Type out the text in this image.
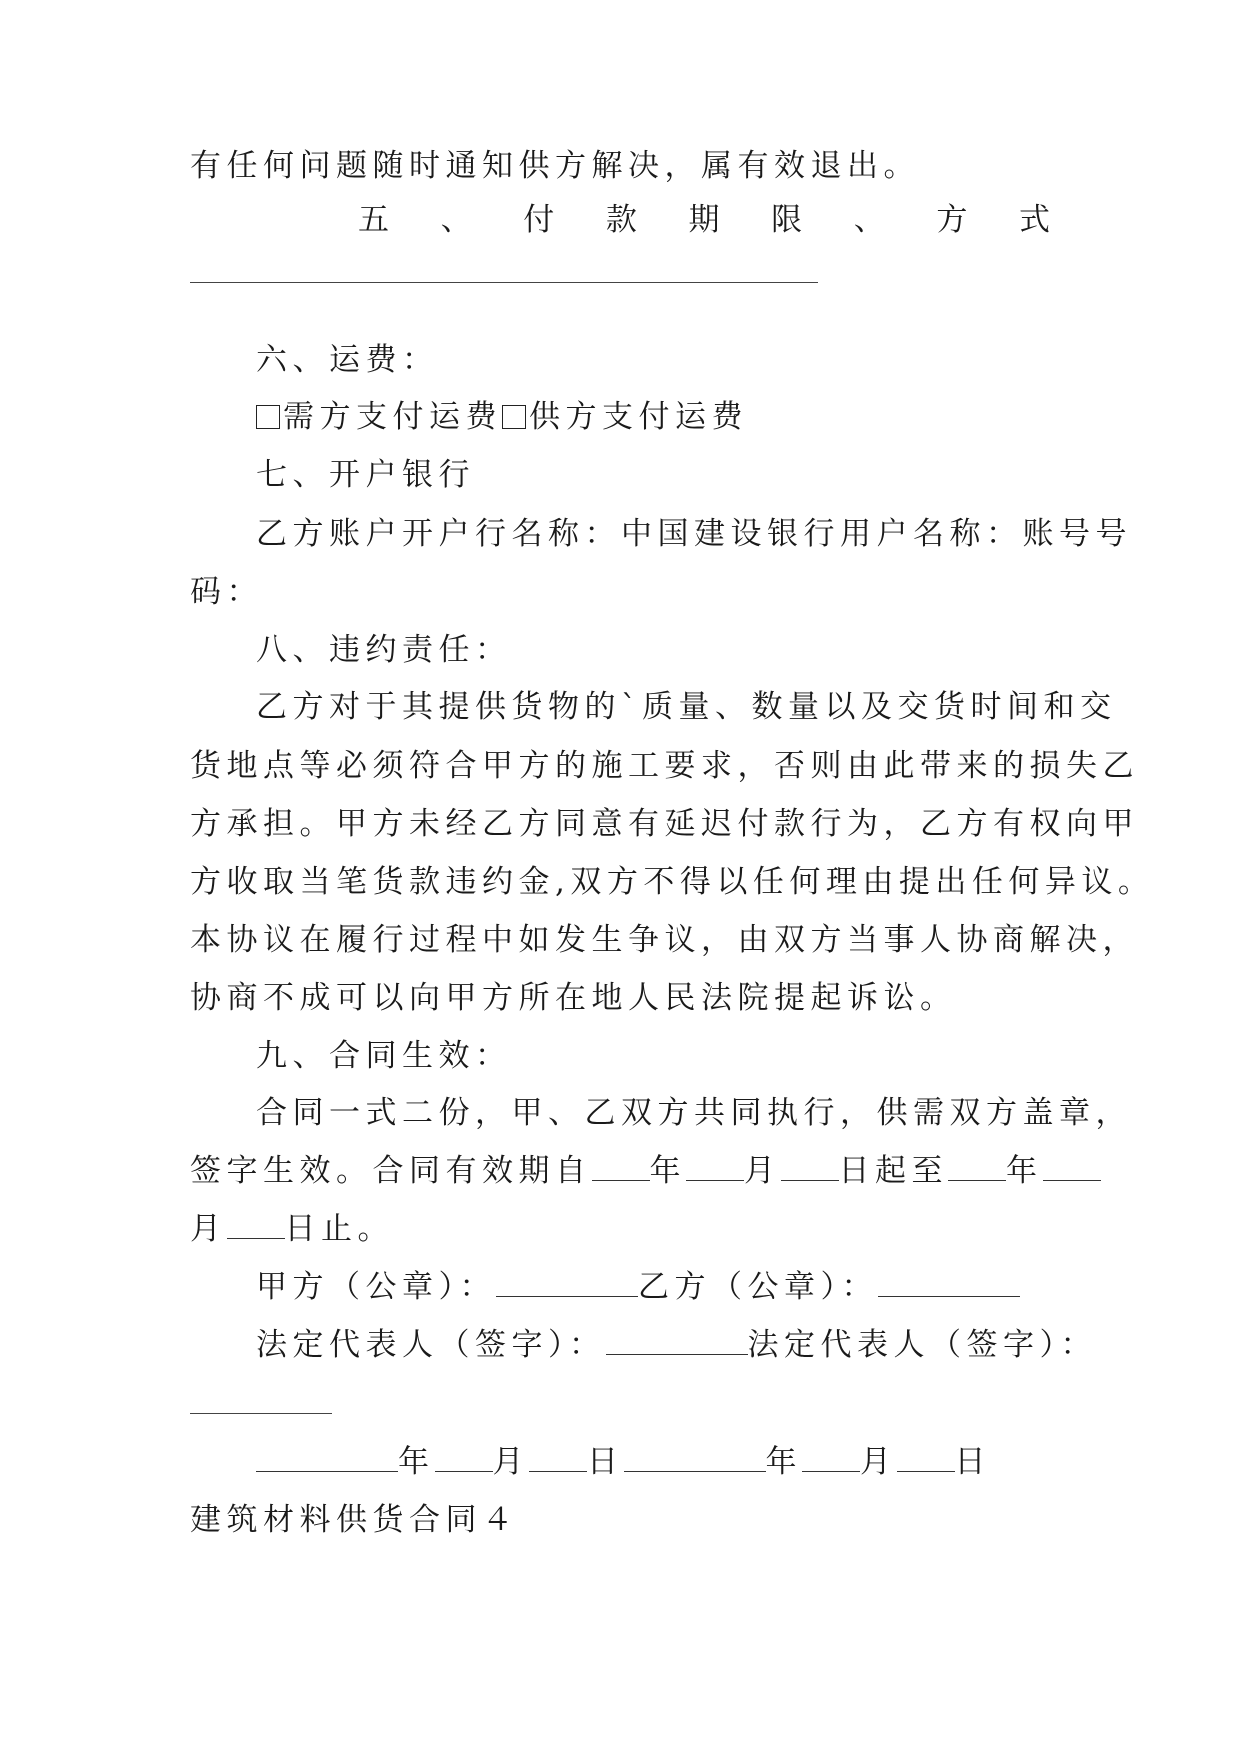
有任何问题随时通知供方解决，属有效退出。
五 、 付 款 期 限 、 方 式
六、运费：
需方支付运费 供方支付运费
七、开户银行
乙方账户开户行名称：中国建设银行用户名称：账号号
码：
八、违约责任：
乙方对于其提供货物的`质量、数量以及交货时间和交
货地点等必须符合甲方的施工要求，否则由此带来的损失乙
方承担。甲方未经乙方同意有延迟付款行为，乙方有权向甲
方收取当笔货款违约金,双方不得以任何理由提出任何异议。
本协议在履行过程中如发生争议，由双方当事人协商解决，
协商不成可以向甲方所在地人民法院提起诉讼。
九、合同生效：
合同一式二份，甲、乙双方共同执行，供需双方盖章，
签字生效。合同有效期自 年 月 日起至 年
月 日止。
甲方（公章）：	乙方（公章）：
法定代表人（签字）：	法定代表人（签字）：
年 月 日	年 月 日
建筑材料供货合同４
